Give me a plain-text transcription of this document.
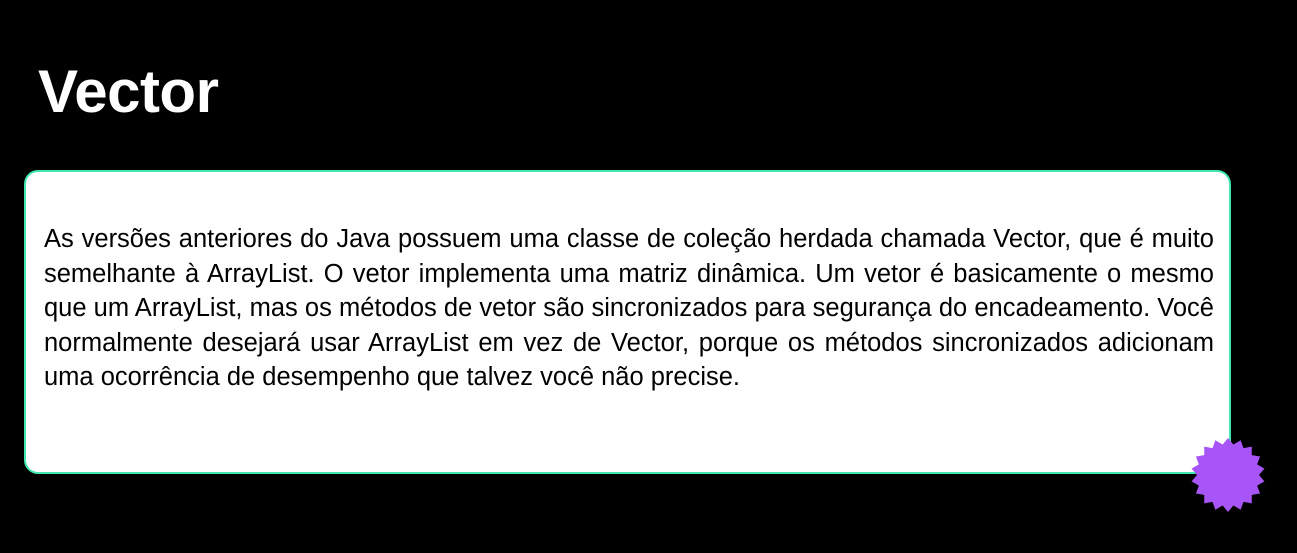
Vector

As versões anteriores do Java possuem uma classe de coleção herdada chamada Vector, que é muito semelhante à ArrayList. O vetor implementa uma matriz dinâmica. Um vetor é basicamente o mesmo que um ArrayList, mas os métodos de vetor são sincronizados para segurança do encadeamento. Você normalmente desejará usar ArrayList em vez de Vector, porque os métodos sincronizados adicionam uma ocorrência de desempenho que talvez você não precise.
